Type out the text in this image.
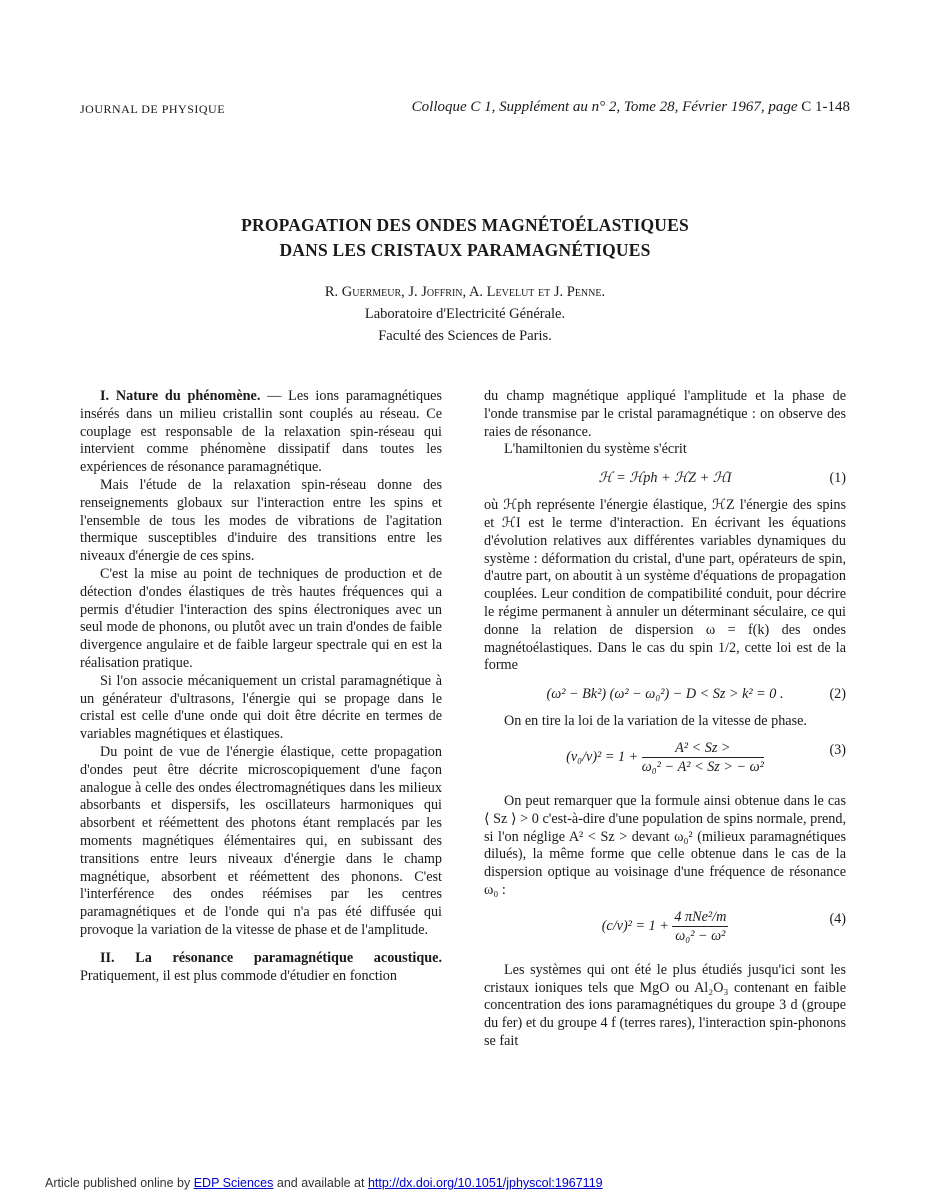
JOURNAL DE PHYSIQUE	Colloque C 1, Supplément au n° 2, Tome 28, Février 1967, page C 1-148
PROPAGATION DES ONDES MAGNÉTOÉLASTIQUES
DANS LES CRISTAUX PARAMAGNÉTIQUES
R. Guermeur, J. Joffrin, A. Levelut et J. Penne.
Laboratoire d'Electricité Générale.
Faculté des Sciences de Paris.

I. Nature du phénomène. — Les ions paramagnétiques insérés dans un milieu cristallin sont couplés au réseau. Ce couplage est responsable de la relaxation spin-réseau qui intervient comme phénomène dissipatif dans toutes les expériences de résonance paramagnétique.

Mais l'étude de la relaxation spin-réseau donne des renseignements globaux sur l'interaction entre les spins et l'ensemble de tous les modes de vibrations de l'agitation thermique susceptibles d'induire des transitions entre les niveaux d'énergie de ces spins.

C'est la mise au point de techniques de production et de détection d'ondes élastiques de très hautes fréquences qui a permis d'étudier l'interaction des spins électroniques avec un seul mode de phonons, ou plutôt avec un train d'ondes de faible divergence angulaire et de faible largeur spectrale qui en est la réalisation pratique.

Si l'on associe mécaniquement un cristal paramagnétique à un générateur d'ultrasons, l'énergie qui se propage dans le cristal est celle d'une onde qui doit être décrite en termes de variables magnétiques et élastiques.

Du point de vue de l'énergie élastique, cette propagation d'ondes peut être décrite microscopiquement d'une façon analogue à celle des ondes électromagnétiques dans les milieux absorbants et dispersifs, les oscillateurs harmoniques qui absorbent et réémettent des photons étant remplacés par les moments magnétiques élémentaires qui, en subissant des transitions entre leurs niveaux d'énergie dans le champ magnétique, absorbent et réémettent des phonons. C'est l'interférence des ondes réémises par les centres paramagnétiques et de l'onde qui n'a pas été diffusée qui provoque la variation de la vitesse de phase et de l'amplitude.

II. La résonance paramagnétique acoustique. Pratiquement, il est plus commode d'étudier en fonction

du champ magnétique appliqué l'amplitude et la phase de l'onde transmise par le cristal paramagnétique : on observe des raies de résonance.

L'hamiltonien du système s'écrit

ℋ = ℋph + ℋZ + ℋI	(1)

où ℋph représente l'énergie élastique, ℋZ l'énergie des spins et ℋI est le terme d'interaction. En écrivant les équations d'évolution relatives aux différentes variables dynamiques du système : déformation du cristal, d'une part, opérateurs de spin, d'autre part, on aboutit à un système d'équations de propagation couplées. Leur condition de compatibilité conduit, pour décrire le régime permanent à annuler un déterminant séculaire, ce qui donne la relation de dispersion ω = f(k) des ondes magnétoélastiques. Dans le cas du spin 1/2, cette loi est de la forme

(ω² − Bk²) (ω² − ω₀²) − D < Sz > k² = 0 .	(2)

On en tire la loi de la variation de la vitesse de phase.

$(v_0/v)^2 = 1 + \frac{\text{A² < Sz >}}{\text{ω₀² − A² < Sz > − ω²}}$	(3)

On peut remarquer que la formule ainsi obtenue dans le cas ⟨ Sz ⟩ > 0 c'est-à-dire d'une population de spins normale, prend, si l'on néglige A² < Sz > devant ω₀² (milieux paramagnétiques dilués), la même forme que celle obtenue dans le cas de la dispersion optique au voisinage d'une fréquence de résonance ω₀ :

$(c/v)^2 = 1 + \frac{\text{4 πNe²/m}}{\text{ω₀² − ω²}}$	(4)

Les systèmes qui ont été le plus étudiés jusqu'ici sont les cristaux ioniques tels que MgO ou Al₂O₃ contenant en faible concentration des ions paramagnétiques du groupe 3 d (groupe du fer) et du groupe 4 f (terres rares), l'interaction spin-phonons se fait

Article published online by EDP Sciences and available at http://dx.doi.org/10.1051/jphyscol:1967119
